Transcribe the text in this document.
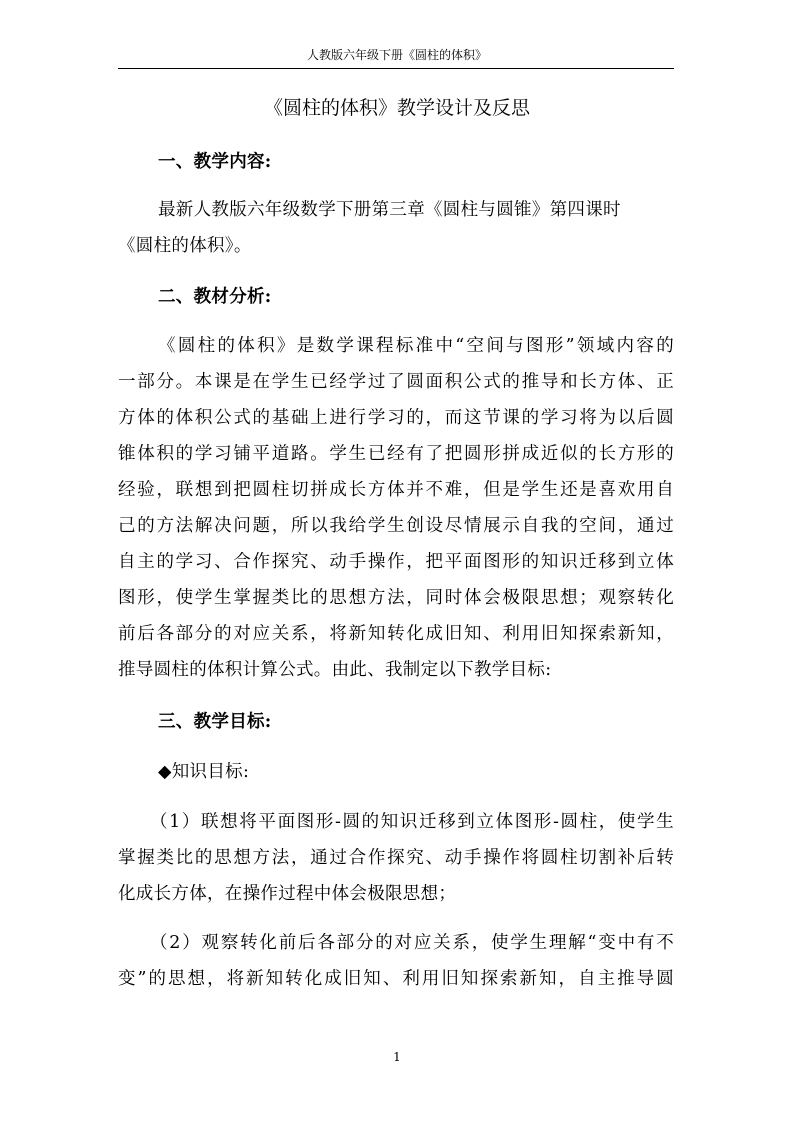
人教版六年级下册《圆柱的体积》
《圆柱的体积》教学设计及反思
一、教学内容:
最新人教版六年级数学下册第三章《圆柱与圆锥》第四课时
《圆柱的体积》。
二、教材分析:
《圆柱的体积》是数学课程标准中“空间与图形”领域内容的
一部分。本课是在学生已经学过了圆面积公式的推导和长方体、正
方体的体积公式的基础上进行学习的，而这节课的学习将为以后圆
锥体积的学习铺平道路。学生已经有了把圆形拼成近似的长方形的
经验，联想到把圆柱切拼成长方体并不难，但是学生还是喜欢用自
己的方法解决问题，所以我给学生创设尽情展示自我的空间，通过
自主的学习、合作探究、动手操作，把平面图形的知识迁移到立体
图形，使学生掌握类比的思想方法，同时体会极限思想；观察转化
前后各部分的对应关系，将新知转化成旧知、利用旧知探索新知，
推导圆柱的体积计算公式。由此、我制定以下教学目标:
三、教学目标:
◆知识目标:
（1）联想将平面图形-圆的知识迁移到立体图形-圆柱，使学生
掌握类比的思想方法，通过合作探究、动手操作将圆柱切割补后转
化成长方体，在操作过程中体会极限思想；
（2）观察转化前后各部分的对应关系，使学生理解“变中有不
变”的思想，将新知转化成旧知、利用旧知探索新知，自主推导圆
1
